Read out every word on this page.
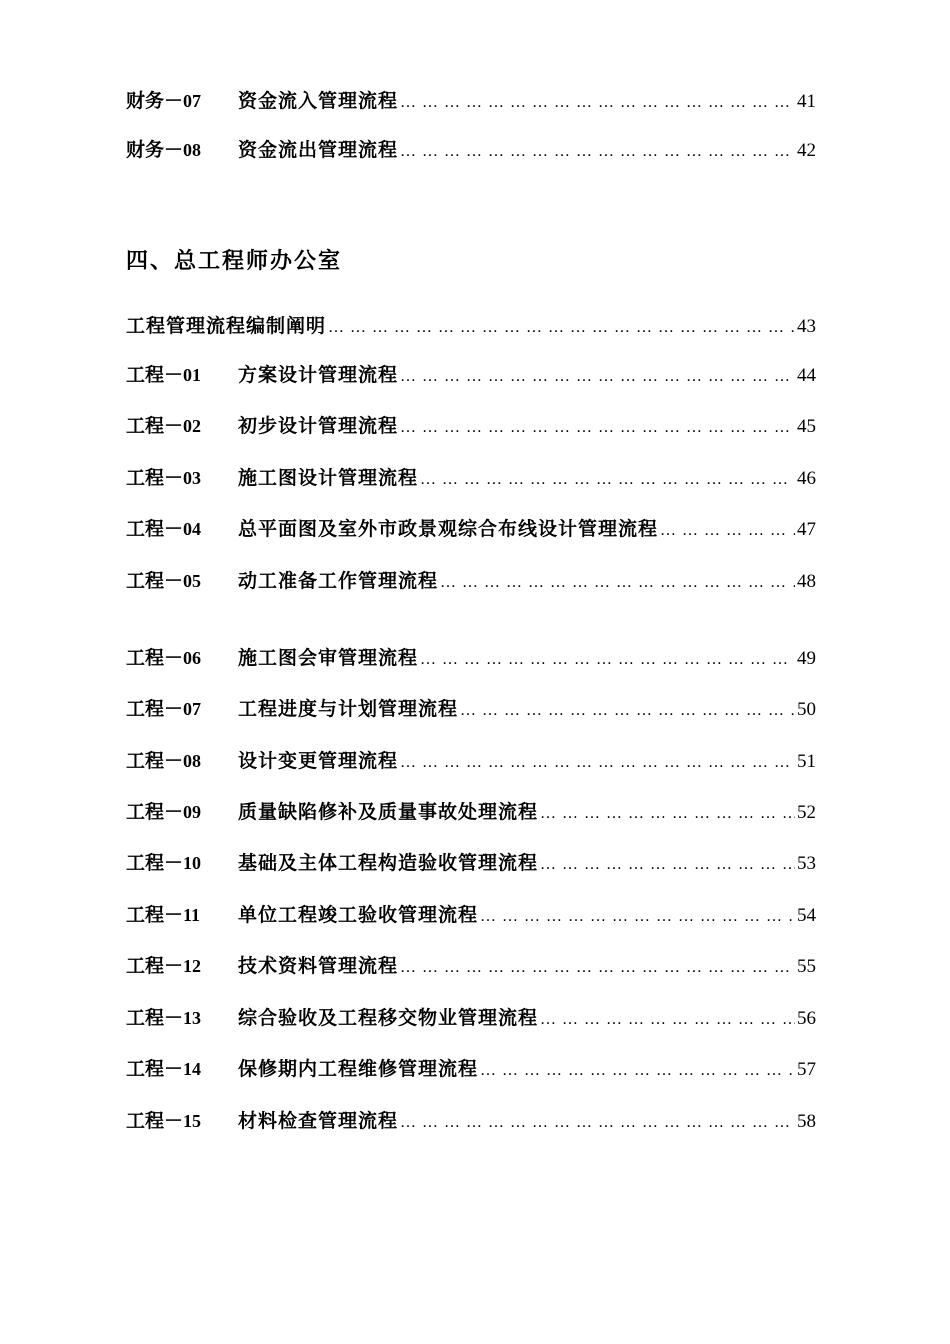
财务－07	资金流入管理流程 … … … … … … … … … … … … … … … … … … … … … … … … … … … … … … … … … … … … … … … … … … … … … … … …	41
财务－08	资金流出管理流程 … … … … … … … … … … … … … … … … … … … … … … … … … … … … … … … … … … … … … … … … … … … … … … … …	42
四、总工程师办公室
工程管理流程编制阐明 … … … … … … … … … … … … … … … … … … … … … … … … … … … … … … … … … … … … … … … … … … … … … … … …	43
工程－01	方案设计管理流程 … … … … … … … … … … … … … … … … … … … … … … … … … … … … … … … … … … … … … … … … … … … … … … … …	44
工程－02	初步设计管理流程 … … … … … … … … … … … … … … … … … … … … … … … … … … … … … … … … … … … … … … … … … … … … … … … …	45
工程－03	施工图设计管理流程 … … … … … … … … … … … … … … … … … … … … … … … … … … … … … … … … … … … … … … … … … … … … … … … …	46
工程－04	总平面图及室外市政景观综合布线设计管理流程 … … … … … … … … … … … … … … … … … … … … … … … … … … … … … … … … … … … … … … … … … … … … … … … …	47
工程－05	动工准备工作管理流程 … … … … … … … … … … … … … … … … … … … … … … … … … … … … … … … … … … … … … … … … … … … … … … … …	48
工程－06	施工图会审管理流程 … … … … … … … … … … … … … … … … … … … … … … … … … … … … … … … … … … … … … … … … … … … … … … … …	49
工程－07	工程进度与计划管理流程 … … … … … … … … … … … … … … … … … … … … … … … … … … … … … … … … … … … … … … … … … … … … … … … …	50
工程－08	设计变更管理流程 … … … … … … … … … … … … … … … … … … … … … … … … … … … … … … … … … … … … … … … … … … … … … … … …	51
工程－09	质量缺陷修补及质量事故处理流程 … … … … … … … … … … … … … … … … … … … … … … … … … … … … … … … … … … … … … … … … … … … … … … … …	52
工程－10	基础及主体工程构造验收管理流程 … … … … … … … … … … … … … … … … … … … … … … … … … … … … … … … … … … … … … … … … … … … … … … … …	53
工程－11	单位工程竣工验收管理流程 … … … … … … … … … … … … … … … … … … … … … … … … … … … … … … … … … … … … … … … … … … … … … … … …	54
工程－12	技术资料管理流程 … … … … … … … … … … … … … … … … … … … … … … … … … … … … … … … … … … … … … … … … … … … … … … … …	55
工程－13	综合验收及工程移交物业管理流程 … … … … … … … … … … … … … … … … … … … … … … … … … … … … … … … … … … … … … … … … … … … … … … … …	56
工程－14	保修期内工程维修管理流程 … … … … … … … … … … … … … … … … … … … … … … … … … … … … … … … … … … … … … … … … … … … … … … … …	57
工程－15	材料检查管理流程 … … … … … … … … … … … … … … … … … … … … … … … … … … … … … … … … … … … … … … … … … … … … … … … …	58
